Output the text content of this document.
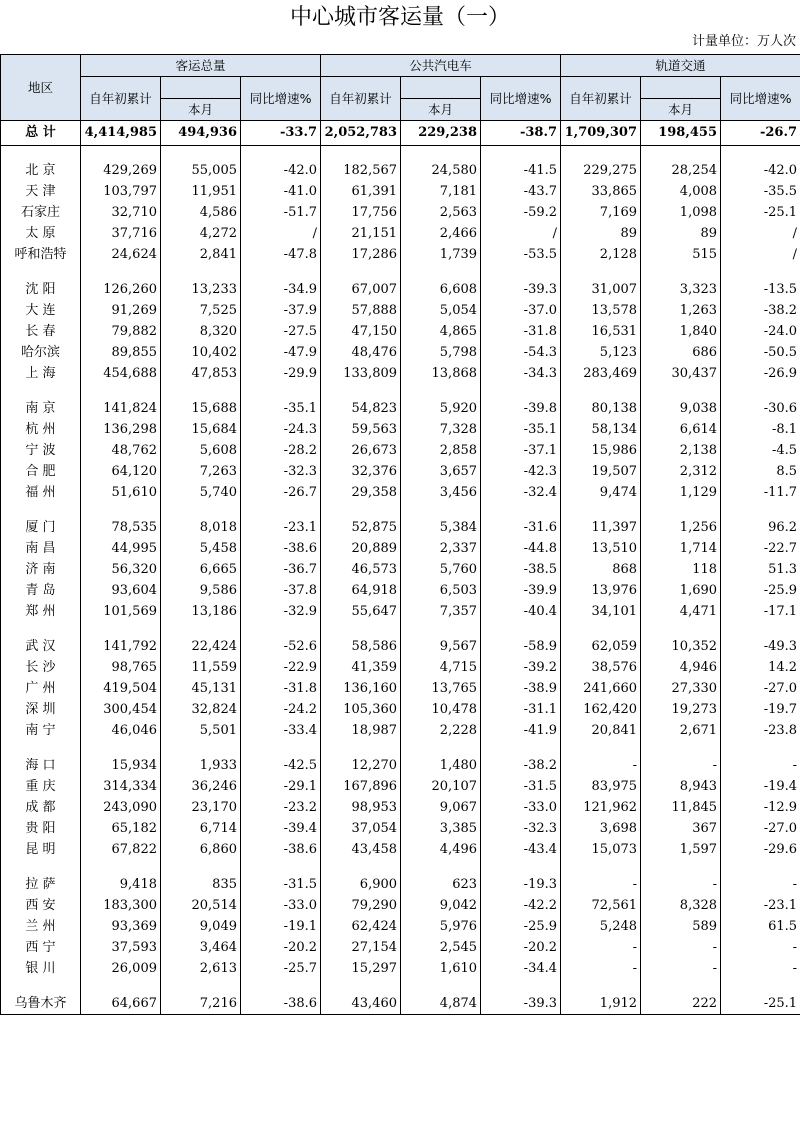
中心城市客运量（一）
计量单位：万人次
地区	客运总量			公共汽电车			轨道交通		
	自年初累计		同比增速%	自年初累计		同比增速%	自年初累计		同比增速%
		本月			本月			本月	
总 计	4,414,985	494,936	-33.7	2,052,783	229,238	-38.7	1,709,307	198,455	-26.7

北 京	429,269	55,005	-42.0	182,567	24,580	-41.5	229,275	28,254	-42.0
天 津	103,797	11,951	-41.0	61,391	7,181	-43.7	33,865	4,008	-35.5
石家庄	32,710	4,586	-51.7	17,756	2,563	-59.2	7,169	1,098	-25.1
太 原	37,716	4,272	/	21,151	2,466	/	89	89	/
呼和浩特	24,624	2,841	-47.8	17,286	1,739	-53.5	2,128	515	/

沈 阳	126,260	13,233	-34.9	67,007	6,608	-39.3	31,007	3,323	-13.5
大 连	91,269	7,525	-37.9	57,888	5,054	-37.0	13,578	1,263	-38.2
长 春	79,882	8,320	-27.5	47,150	4,865	-31.8	16,531	1,840	-24.0
哈尔滨	89,855	10,402	-47.9	48,476	5,798	-54.3	5,123	686	-50.5
上 海	454,688	47,853	-29.9	133,809	13,868	-34.3	283,469	30,437	-26.9

南 京	141,824	15,688	-35.1	54,823	5,920	-39.8	80,138	9,038	-30.6
杭 州	136,298	15,684	-24.3	59,563	7,328	-35.1	58,134	6,614	-8.1
宁 波	48,762	5,608	-28.2	26,673	2,858	-37.1	15,986	2,138	-4.5
合 肥	64,120	7,263	-32.3	32,376	3,657	-42.3	19,507	2,312	8.5
福 州	51,610	5,740	-26.7	29,358	3,456	-32.4	9,474	1,129	-11.7

厦 门	78,535	8,018	-23.1	52,875	5,384	-31.6	11,397	1,256	96.2
南 昌	44,995	5,458	-38.6	20,889	2,337	-44.8	13,510	1,714	-22.7
济 南	56,320	6,665	-36.7	46,573	5,760	-38.5	868	118	51.3
青 岛	93,604	9,586	-37.8	64,918	6,503	-39.9	13,976	1,690	-25.9
郑 州	101,569	13,186	-32.9	55,647	7,357	-40.4	34,101	4,471	-17.1

武 汉	141,792	22,424	-52.6	58,586	9,567	-58.9	62,059	10,352	-49.3
长 沙	98,765	11,559	-22.9	41,359	4,715	-39.2	38,576	4,946	14.2
广 州	419,504	45,131	-31.8	136,160	13,765	-38.9	241,660	27,330	-27.0
深 圳	300,454	32,824	-24.2	105,360	10,478	-31.1	162,420	19,273	-19.7
南 宁	46,046	5,501	-33.4	18,987	2,228	-41.9	20,841	2,671	-23.8

海 口	15,934	1,933	-42.5	12,270	1,480	-38.2	-	-	-
重 庆	314,334	36,246	-29.1	167,896	20,107	-31.5	83,975	8,943	-19.4
成 都	243,090	23,170	-23.2	98,953	9,067	-33.0	121,962	11,845	-12.9
贵 阳	65,182	6,714	-39.4	37,054	3,385	-32.3	3,698	367	-27.0
昆 明	67,822	6,860	-38.6	43,458	4,496	-43.4	15,073	1,597	-29.6

拉 萨	9,418	835	-31.5	6,900	623	-19.3	-	-	-
西 安	183,300	20,514	-33.0	79,290	9,042	-42.2	72,561	8,328	-23.1
兰 州	93,369	9,049	-19.1	62,424	5,976	-25.9	5,248	589	61.5
西 宁	37,593	3,464	-20.2	27,154	2,545	-20.2	-	-	-
银 川	26,009	2,613	-25.7	15,297	1,610	-34.4	-	-	-

乌鲁木齐	64,667	7,216	-38.6	43,460	4,874	-39.3	1,912	222	-25.1
